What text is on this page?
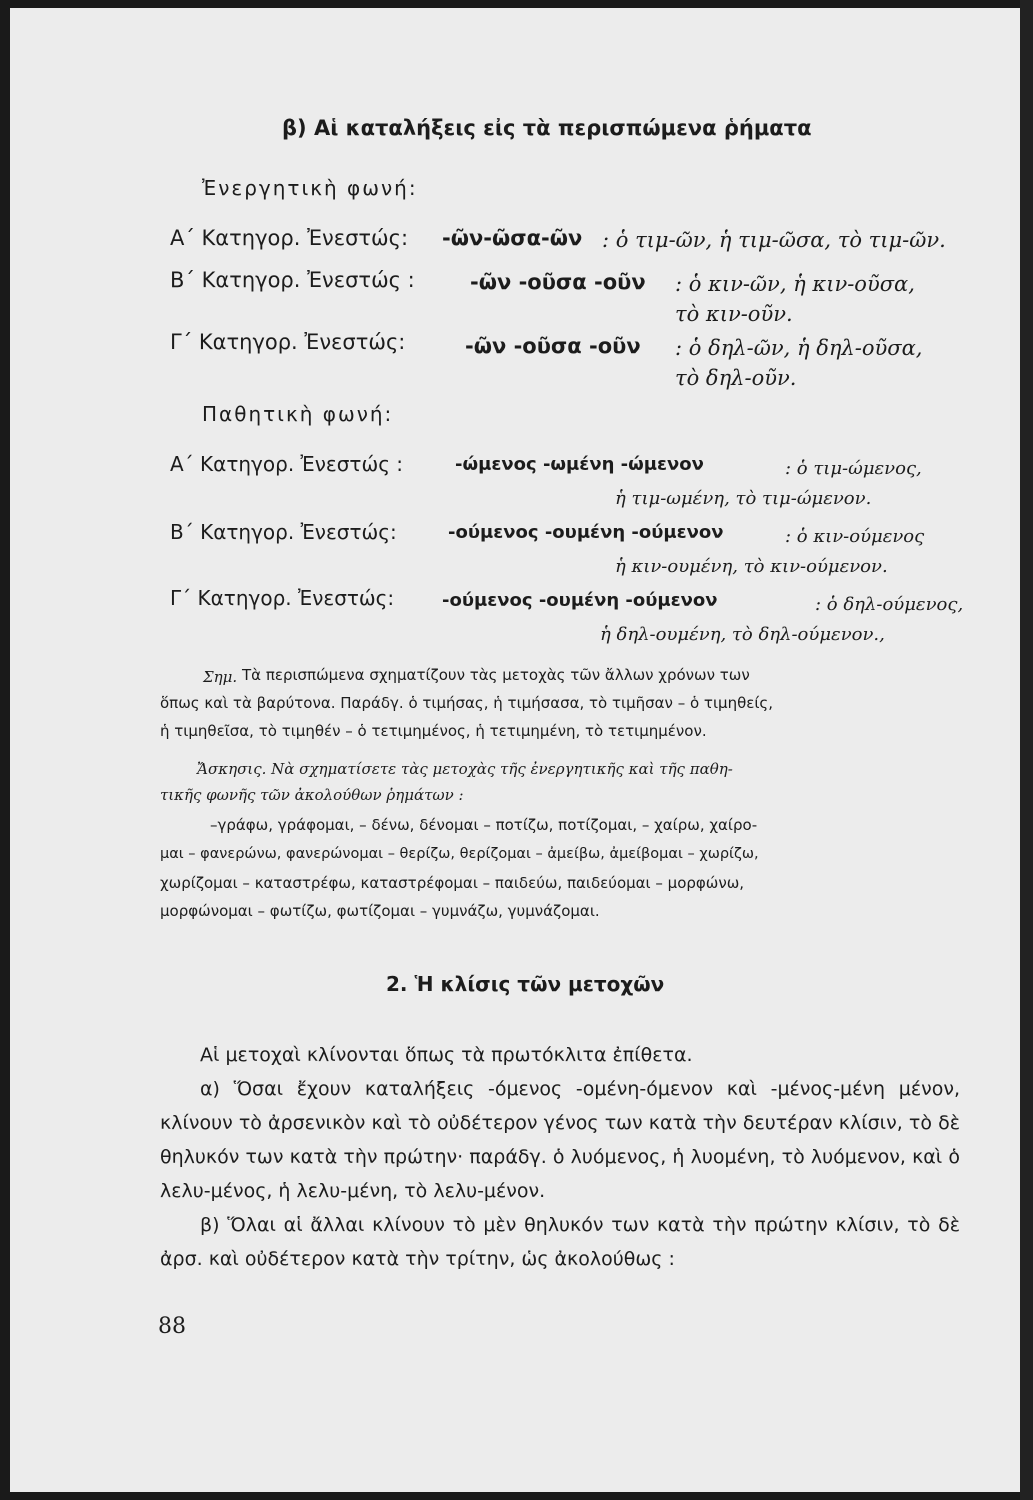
β) Αἱ καταλήξεις εἰς τὰ περισπώμενα ῥήματα
Ἐνεργητικὴ φωνή:
Α΄ Κατηγορ. Ἐνεστώς: -ῶν-ῶσα-ῶν : ὁ τιμ-ῶν, ἡ τιμ-ῶσα, τὸ τιμ-ῶν.
Β΄ Κατηγορ. Ἐνεστώς :	-ῶν -οῦσα -οῦν : ὁ κιν-ῶν, ἡ κιν-οῦσα,
τὸ κιν-οῦν.
Γ΄ Κατηγορ. Ἐνεστώς:	-ῶν -οῦσα -οῦν : ὁ δηλ-ῶν, ἡ δηλ-οῦσα,
τὸ δηλ-οῦν.
Παθητικὴ φωνή:
Α΄ Κατηγορ. Ἐνεστώς :	-ώμενος -ωμένη -ώμενον	: ὁ τιμ-ώμενος,
ἡ τιμ-ωμένη, τὸ τιμ-ώμενον.
Β΄ Κατηγορ. Ἐνεστώς:	-ούμενος -ουμένη -ούμενον	: ὁ κιν-ούμενος
ἡ κιν-ουμένη, τὸ κιν-ούμενον.
Γ΄ Κατηγορ. Ἐνεστώς:	-ούμενος -ουμένη -ούμενον	: ὁ δηλ-ούμενος,
ἡ δηλ-ουμένη, τὸ δηλ-ούμενον.,
Σημ. Τὰ περισπώμενα σχηματίζουν τὰς μετοχὰς τῶν ἄλλων χρόνων των
ὅπως καὶ τὰ βαρύτονα. Παράδγ. ὁ τιμήσας, ἡ τιμήσασα, τὸ τιμῆσαν – ὁ τιμηθείς,
ἡ τιμηθεῖσα, τὸ τιμηθέν – ὁ τετιμημένος, ἡ τετιμημένη, τὸ τετιμημένον.
Ἄσκησις. Νὰ σχηματίσετε τὰς μετοχὰς τῆς ἐνεργητικῆς καὶ τῆς παθη-
τικῆς φωνῆς τῶν ἀκολούθων ῥημάτων :
–γράφω, γράφομαι, – δένω, δένομαι – ποτίζω, ποτίζομαι, – χαίρω, χαίρο-
μαι – φανερώνω, φανερώνομαι – θερίζω, θερίζομαι – ἀμείβω, ἀμείβομαι – χωρίζω,
χωρίζομαι – καταστρέφω, καταστρέφομαι – παιδεύω, παιδεύομαι – μορφώνω,
μορφώνομαι – φωτίζω, φωτίζομαι – γυμνάζω, γυμνάζομαι.
2. Ἡ κλίσις τῶν μετοχῶν

Αἱ μετοχαὶ κλίνονται ὅπως τὰ πρωτόκλιτα ἐπίθετα.

α) Ὅσαι ἔχουν καταλήξεις -όμενος -ομένη-όμενον καὶ -μένος-μένη μένον, κλίνουν τὸ ἀρσενικὸν καὶ τὸ οὐδέτερον γένος των κατὰ τὴν δευτέραν κλίσιν, τὸ δὲ θηλυκόν των κατὰ τὴν πρώτην· παράδγ. ὁ λυόμενος, ἡ λυομένη, τὸ λυόμενον, καὶ ὁ λελυ-μένος, ἡ λελυ-μένη, τὸ λελυ-μένον.

β) Ὅλαι αἱ ἄλλαι κλίνουν τὸ μὲν θηλυκόν των κατὰ τὴν πρώτην κλίσιν, τὸ δὲ ἀρσ. καὶ οὐδέτερον κατὰ τὴν τρίτην, ὡς ἀκολούθως :

88
